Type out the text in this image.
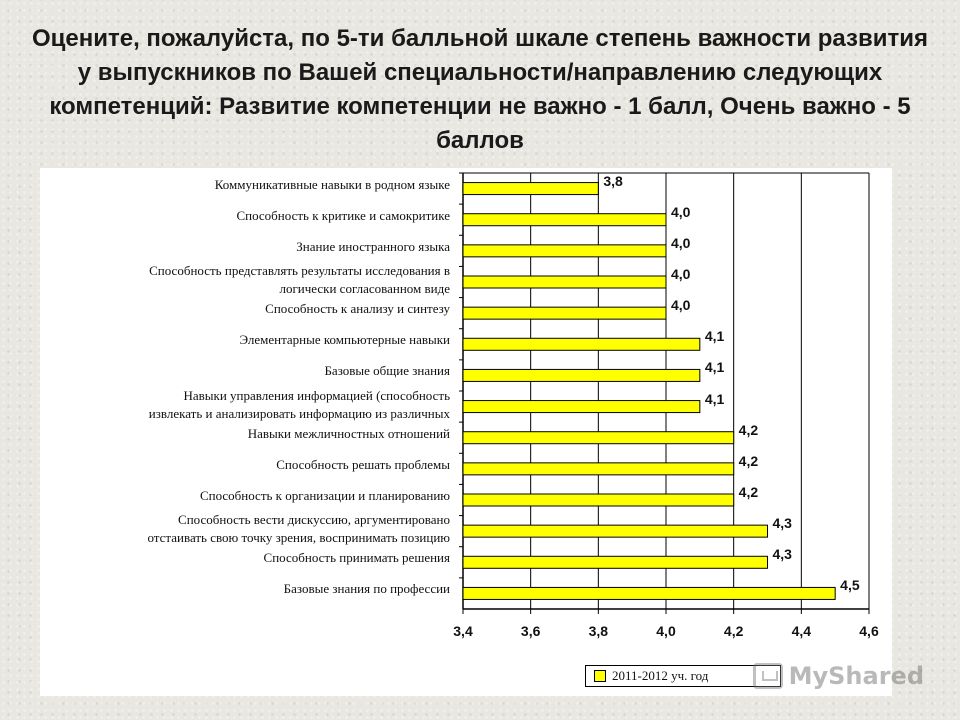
Оцените, пожалуйста, по 5-ти балльной шкале степень важности развития у выпускников по Вашей специальности/направлению следующих компетенций: Развитие компетенции не важно - 1 балл, Очень важно - 5 баллов
2011-2012 уч. год
3,4	3,6	3,8	4,0	4,2	4,4	4,6
3,8
Коммуникативные навыки в родном языке
4,0
Способность к критике и самокритике
4,0
Знание иностранного языка
4,0
Способность представлять результаты исследования в
логически согласованном виде
4,0
Способность к анализу и синтезу
4,1
Элементарные компьютерные навыки
4,1
Базовые общие знания
4,1
Навыки управления информацией (способность
извлекать и анализировать информацию из различных
4,2
Навыки межличностных отношений
4,2
Способность решать проблемы
4,2
Способность к организации и планированию
4,3
Способность вести дискуссию, аргументировано
отстаивать свою точку зрения, воспринимать позицию
4,3
Способность принимать решения
4,5
Базовые знания по профессии
MyShared
